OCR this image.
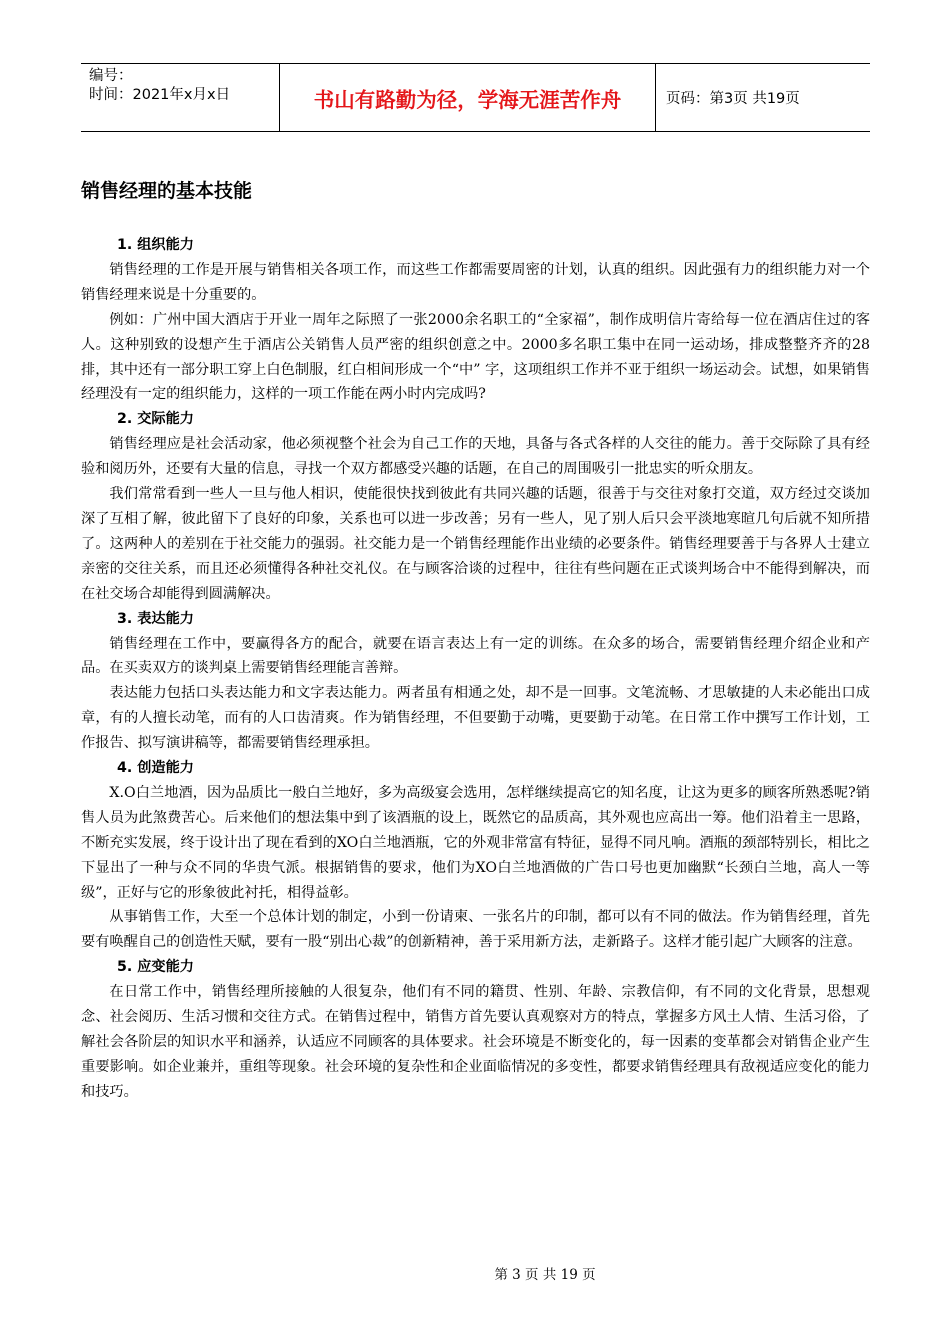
编号：
时间：2021年x月x日	书山有路勤为径，学海无涯苦作舟	页码：第3页 共19页
销售经理的基本技能
1. 组织能力

销售经理的工作是开展与销售相关各项工作，而这些工作都需要周密的计划，认真的组织。因此强有力的组织能力对一个销售经理来说是十分重要的。

例如：广州中国大酒店于开业一周年之际照了一张2000余名职工的“全家福”，制作成明信片寄给每一位在酒店住过的客人。这种别致的设想产生于酒店公关销售人员严密的组织创意之中。2000多名职工集中在同一运动场，排成整整齐齐的28排，其中还有一部分职工穿上白色制服，红白相间形成一个“中” 字，这项组织工作并不亚于组织一场运动会。试想，如果销售经理没有一定的组织能力，这样的一项工作能在两小时内完成吗?

2. 交际能力

销售经理应是社会活动家，他必须视整个社会为自己工作的天地，具备与各式各样的人交往的能力。善于交际除了具有经验和阅历外，还要有大量的信息，寻找一个双方都感受兴趣的话题，在自己的周围吸引一批忠实的听众朋友。

我们常常看到一些人一旦与他人相识，使能很快找到彼此有共同兴趣的话题，很善于与交往对象打交道，双方经过交谈加深了互相了解，彼此留下了良好的印象，关系也可以进一步改善；另有一些人，见了别人后只会平淡地寒暄几句后就不知所措了。这两种人的差别在于社交能力的强弱。社交能力是一个销售经理能作出业绩的必要条件。销售经理要善于与各界人士建立亲密的交往关系，而且还必须懂得各种社交礼仪。在与顾客洽谈的过程中，往往有些问题在正式谈判场合中不能得到解决，而在社交场合却能得到圆满解决。

3. 表达能力

销售经理在工作中，要赢得各方的配合，就要在语言表达上有一定的训练。在众多的场合，需要销售经理介绍企业和产品。在买卖双方的谈判桌上需要销售经理能言善辩。

表达能力包括口头表达能力和文字表达能力。两者虽有相通之处，却不是一回事。文笔流畅、才思敏捷的人未必能出口成章，有的人擅长动笔，而有的人口齿清爽。作为销售经理，不但要勤于动嘴，更要勤于动笔。在日常工作中撰写工作计划，工作报告、拟写演讲稿等，都需要销售经理承担。

4. 创造能力

X.O白兰地酒，因为品质比一般白兰地好，多为高级宴会选用，怎样继续提高它的知名度，让这为更多的顾客所熟悉呢?销售人员为此煞费苦心。后来他们的想法集中到了该酒瓶的设上，既然它的品质高，其外观也应高出一筹。他们沿着主一思路，不断充实发展，终于设计出了现在看到的XO白兰地酒瓶，它的外观非常富有特征，显得不同凡响。酒瓶的颈部特别长，相比之下显出了一种与众不同的华贵气派。根据销售的要求，他们为XO白兰地酒做的广告口号也更加幽默“长颈白兰地，高人一等级”，正好与它的形象彼此衬托，相得益彰。

从事销售工作，大至一个总体计划的制定，小到一份请柬、一张名片的印制，都可以有不同的做法。作为销售经理，首先要有唤醒自己的创造性天赋，要有一股“别出心裁”的创新精神，善于采用新方法，走新路子。这样才能引起广大顾客的注意。

5. 应变能力

在日常工作中，销售经理所接触的人很复杂，他们有不同的籍贯、性别、年龄、宗教信仰，有不同的文化背景，思想观念、社会阅历、生活习惯和交往方式。在销售过程中，销售方首先要认真观察对方的特点，掌握多方风土人情、生活习俗，了解社会各阶层的知识水平和涵养，认适应不同顾客的具体要求。社会环境是不断变化的，每一因素的变革都会对销售企业产生重要影响。如企业兼并，重组等现象。社会环境的复杂性和企业面临情况的多变性，都要求销售经理具有敌视适应变化的能力和技巧。

第 3 页 共 19 页
